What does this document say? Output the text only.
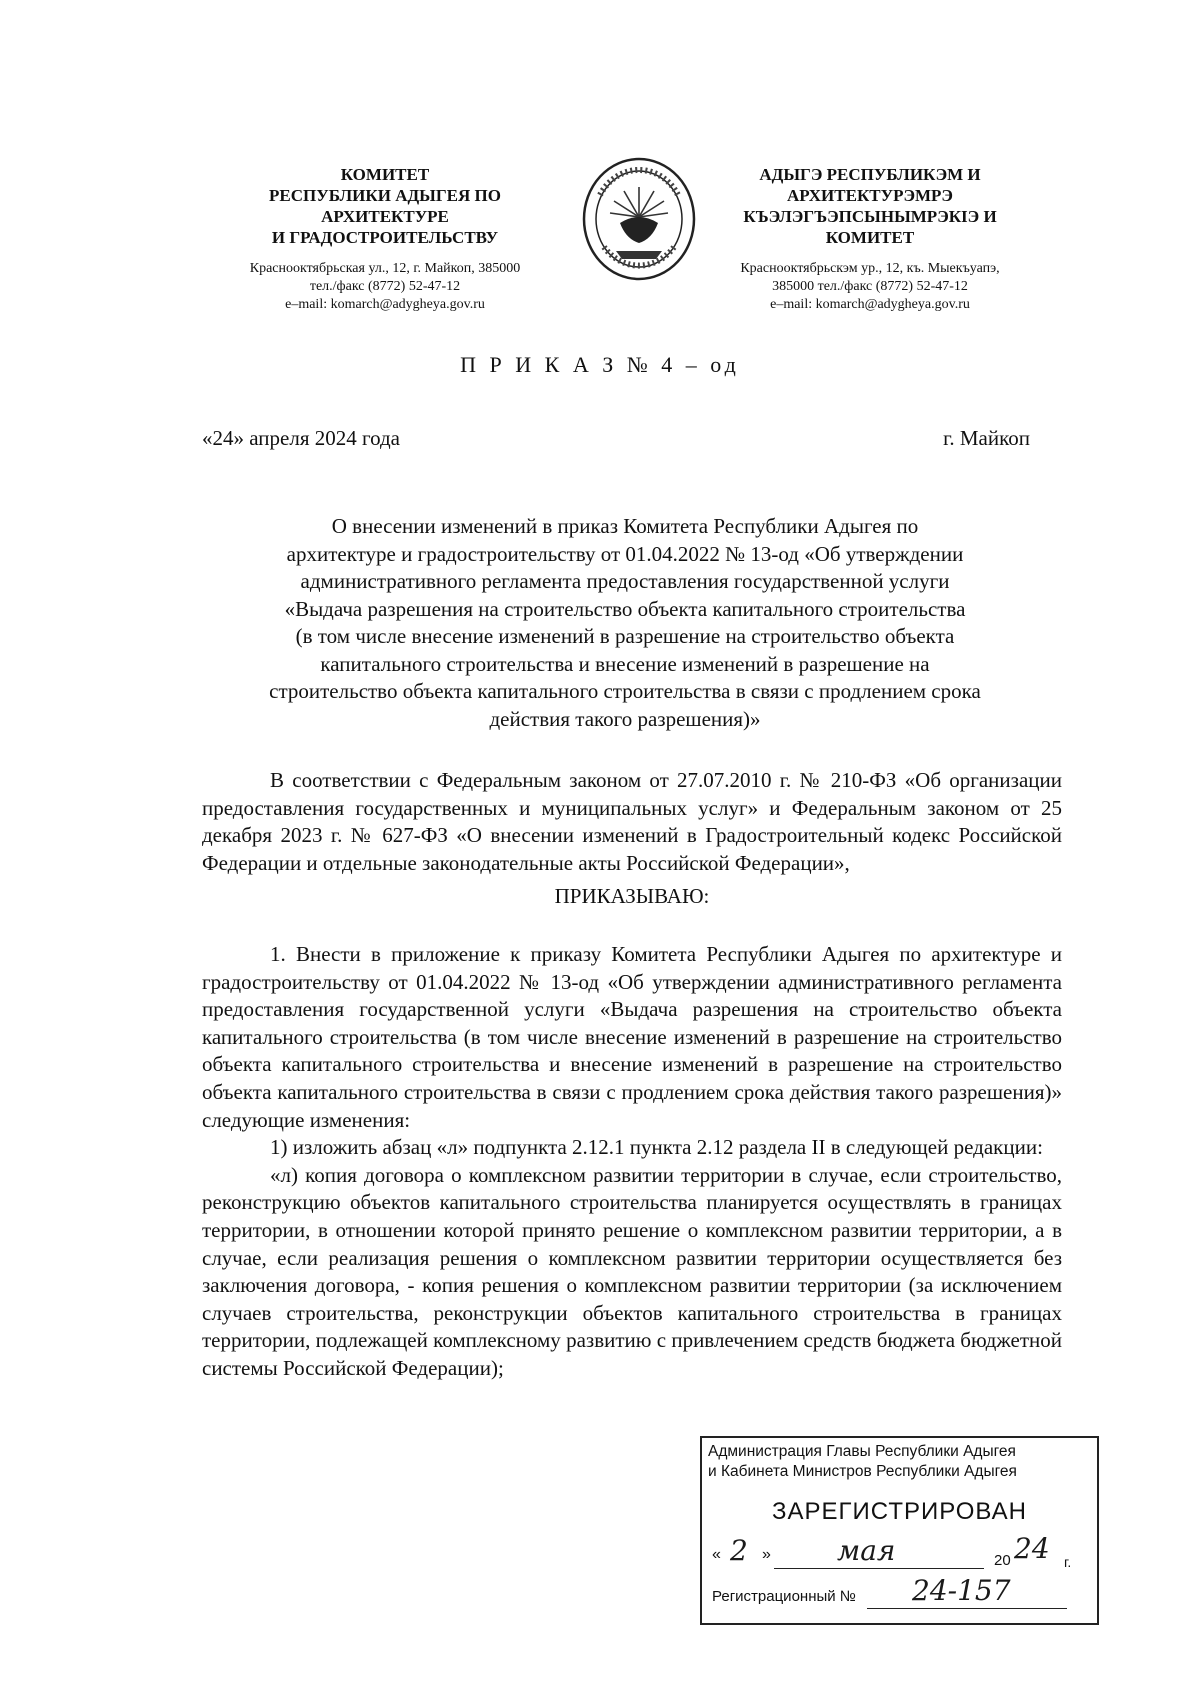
КОМИТЕТ
РЕСПУБЛИКИ АДЫГЕЯ ПО
АРХИТЕКТУРЕ
И ГРАДОСТРОИТЕЛЬСТВУ
Краснооктябрьская ул., 12, г. Майкоп, 385000
тел./факс (8772) 52-47-12
e–mail: komarch@adygheya.gov.ru
АДЫГЭ РЕСПУБЛИКЭМ И
АРХИТЕКТУРЭМРЭ
КЪЭЛЭГЪЭПСЫНЫМРЭКIЭ И
КОМИТЕТ
Краснооктябрьскэм ур., 12, къ. Мыекъуапэ,
385000 тел./факс (8772) 52-47-12
e–mail: komarch@adygheya.gov.ru
П Р И К А З № 4 – од
«24» апреля 2024 года	г. Майкоп
О внесении изменений в приказ Комитета Республики Адыгея по
архитектуре и градостроительству от 01.04.2022 № 13-од «Об утверждении
административного регламента предоставления государственной услуги
«Выдача разрешения на строительство объекта капитального строительства
(в том числе внесение изменений в разрешение на строительство объекта
капитального строительства и внесение изменений в разрешение на
строительство объекта капитального строительства в связи с продлением срока
действия такого разрешения)»

В соответствии с Федеральным законом от 27.07.2010 г. № 210-ФЗ «Об организации предоставления государственных и муниципальных услуг» и Федеральным законом от 25 декабря 2023 г. № 627-ФЗ «О внесении изменений в Градостроительный кодекс Российской Федерации и отдельные законодательные акты Российской Федерации»,

ПРИКАЗЫВАЮ:

1. Внести в приложение к приказу Комитета Республики Адыгея по архитектуре и градостроительству от 01.04.2022 № 13-од «Об утверждении административного регламента предоставления государственной услуги «Выдача разрешения на строительство объекта капитального строительства (в том числе внесение изменений в разрешение на строительство объекта капитального строительства и внесение изменений в разрешение на строительство объекта капитального строительства в связи с продлением срока действия такого разрешения)» следующие изменения:

1) изложить абзац «л» подпункта 2.12.1 пункта 2.12 раздела II в следующей редакции:

«л) копия договора о комплексном развитии территории в случае, если строительство, реконструкцию объектов капитального строительства планируется осуществлять в границах территории, в отношении которой принято решение о комплексном развитии территории, а в случае, если реализация решения о комплексном развитии территории осуществляется без заключения договора, - копия решения о комплексном развитии территории (за исключением случаев строительства, реконструкции объектов капитального строительства в границах территории, подлежащей комплексному развитию с привлечением средств бюджета бюджетной системы Российской Федерации);

Администрация Главы Республики Адыгея
и Кабинета Министров Республики Адыгея
ЗАРЕГИСТРИРОВАН
« 2 » мая	20 24 г.
Регистрационный № 24-157
